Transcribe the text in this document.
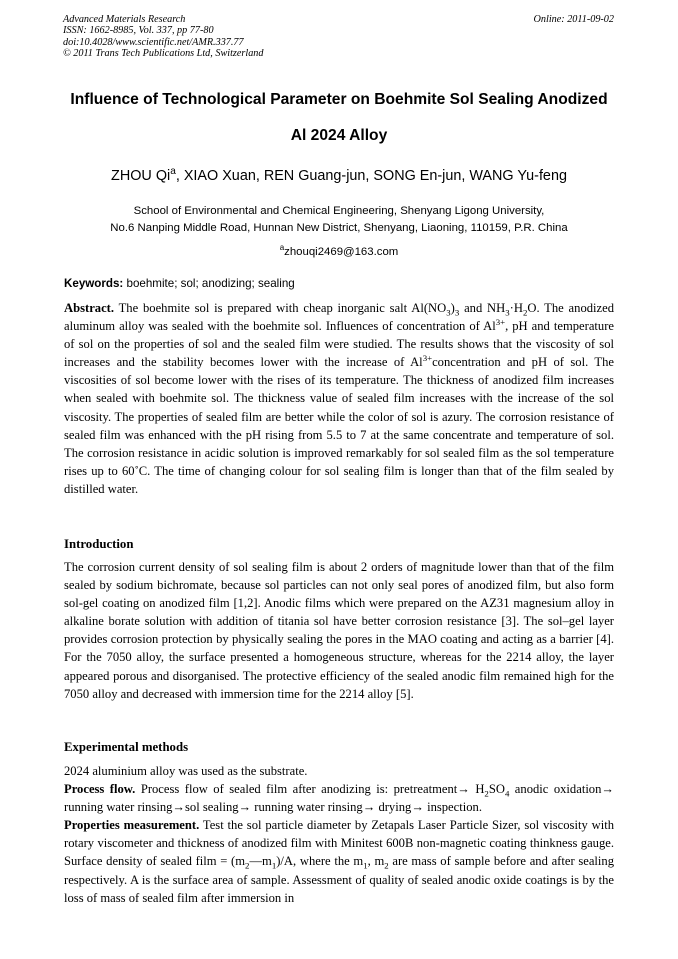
Advanced Materials Research
ISSN: 1662-8985, Vol. 337, pp 77-80
doi:10.4028/www.scientific.net/AMR.337.77
© 2011 Trans Tech Publications Ltd, Switzerland
Online: 2011-09-02
Influence of Technological Parameter on Boehmite Sol Sealing Anodized
Al 2024 Alloy
ZHOU Qi$^a$, XIAO Xuan, REN Guang-jun, SONG En-jun, WANG Yu-feng
School of Environmental and Chemical Engineering, Shenyang Ligong University,
No.6 Nanping Middle Road, Hunnan New District, Shenyang, Liaoning, 110159, P.R. China
$^a$zhouqi2469@163.com
Keywords: boehmite; sol; anodizing; sealing

Abstract. The boehmite sol is prepared with cheap inorganic salt $Al(NO_3)_3$ and $NH_3\cdot H_2O$. The anodized aluminum alloy was sealed with the boehmite sol. Influences of concentration of $Al^{3+}$, pH and temperature of sol on the properties of sol and the sealed film were studied. The results shows that the viscosity of sol increases and the stability becomes lower with the increase of $Al^{3+}concentration$ and pH of sol. The viscosities of sol become lower with the rises of its temperature. The thickness of anodized film increases when sealed with boehmite sol. The thickness value of sealed film increases with the increase of the sol viscosity. The properties of sealed film are better while the color of sol is azury. The corrosion resistance of sealed film was enhanced with the pH rising from 5.5 to 7 at the same concentrate and temperature of sol. The corrosion resistance in acidic solution is improved remarkably for sol sealed film as the sol temperature rises up to 60˚C. The time of changing colour for sol sealing film is longer than that of the film sealed by distilled water.

Introduction

The corrosion current density of sol sealing film is about 2 orders of magnitude lower than that of the film sealed by sodium bichromate, because sol particles can not only seal pores of anodized film, but also form sol-gel coating on anodized film [1,2]. Anodic films which were prepared on the AZ31 magnesium alloy in alkaline borate solution with addition of titania sol have better corrosion resistance [3]. The sol–gel layer provides corrosion protection by physically sealing the pores in the MAO coating and acting as a barrier [4]. For the 7050 alloy, the surface presented a homogeneous structure, whereas for the 2214 alloy, the layer appeared porous and disorganised. The protective efficiency of the sealed anodic film remained high for the 7050 alloy and decreased with immersion time for the 2214 alloy [5].

Experimental methods

2024 aluminium alloy was used as the substrate.

Process flow. Process flow of sealed film after anodizing is: pretreatment→ $H_2SO_4$ anodic oxidation→ running water rinsing→sol sealing→ running water rinsing→ drying→ inspection.

Properties measurement. Test the sol particle diameter by Zetapals Laser Particle Sizer, sol viscosity with rotary viscometer and thickness of anodized film with Minitest 600B non-magnetic coating thinkness gauge. Surface density of sealed film = $(m_2—m_1)/A$, where the $m_1$, $m_2$ are mass of sample before and after sealing respectively. A is the surface area of sample. Assessment of quality of sealed anodic oxide coatings is by the loss of mass of sealed film after immersion in
